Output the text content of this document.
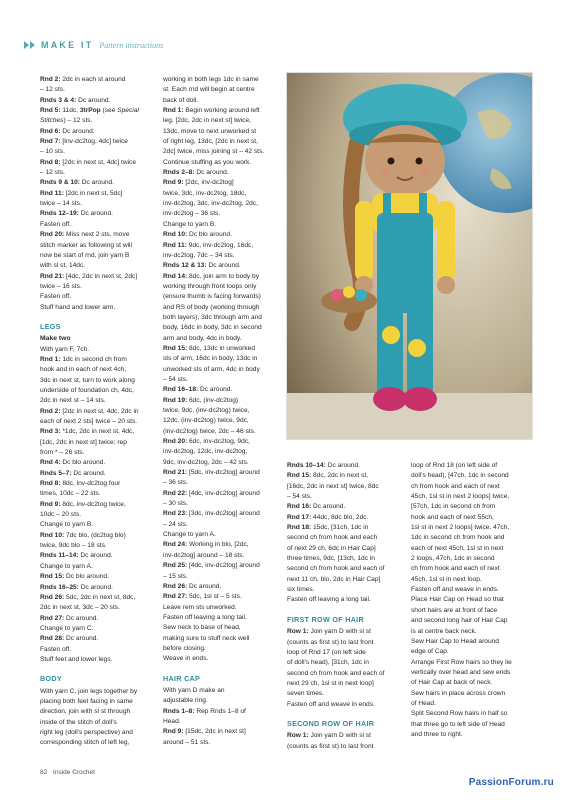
MAKE IT Pattern instructions

Rnd 2: 2dc in each st around

– 12 sts.

Rnds 3 & 4: Dc around.

Rnd 5: 11dc, 3trPop (see Special

Stitches) – 12 sts.

Rnd 6: Dc around.

Rnd 7: [Inv-dc2tog, 4dc] twice

– 10 sts.

Rnd 8: [2dc in next st, 4dc] twice

– 12 sts.

Rnds 9 & 10: Dc around.

Rnd 11: [2dc in next st, 5dc]

twice – 14 sts.

Rnds 12–19: Dc around.

Fasten off.

Rnd 20: Miss next 2 sts, move

stitch marker as following st will

now be start of rnd, join yarn B

with sl st, 14dc.

Rnd 21: [4dc, 2dc in next st, 2dc]

twice – 16 sts.

Fasten off.

Stuff hand and lower arm.

LEGS

Make two

With yarn F, 7ch.

Rnd 1: 1dc in second ch from

hook and in each of next 4ch,

3dc in next st, turn to work along

underside of foundation ch, 4dc,

2dc in next st – 14 sts.

Rnd 2: [2dc in next st, 4dc, 2dc in

each of next 2 sts] twice – 20 sts.

Rnd 3: *1dc, 2dc in next st, 4dc,

[1dc, 2dc in next st] twice; rep

from * – 26 sts.

Rnd 4: Dc blo around.

Rnds 5–7: Dc around.

Rnd 8: 8dc, inv-dc2tog four

times, 10dc – 22 sts.

Rnd 9: 8dc, inv-dc2tog twice,

10dc – 20 sts.

Change to yarn B.

Rnd 10: 7dc blo, (dc2tog blo)

twice, 9dc blo – 18 sts.

Rnds 11–14: Dc around.

Change to yarn A.

Rnd 15: Dc blo around.

Rnds 16–25: Dc around.

Rnd 26: 5dc, 2dc in next st, 8dc,

2dc in next st, 3dc – 20 sts.

Rnd 27: Dc around.

Change to yarn C.

Rnd 28: Dc around.

Fasten off.

Stuff feet and lower legs.

BODY

With yarn C, join legs together by

placing both feet facing in same

direction, join with sl st through

inside of the stitch of doll's

right leg (doll's perspective) and

corresponding stitch of left leg,

working in both legs 1dc in same

st. Each rnd will begin at centre

back of doll.

Rnd 1: Begin working around left

leg, [2dc, 2dc in next st] twice,

13dc, move to next unworked st

of right leg, 13dc, [2dc in next st,

2dc] twice, miss joining st – 42 sts.

Continue stuffing as you work.

Rnds 2–8: Dc around.

Rnd 9: [2dc, inv-dc2tog]

twice, 3dc, inv-dc2tog, 18dc,

inv-dc2tog, 3dc, inv-dc2tog, 2dc,

inv-dc2tog – 36 sts.

Change to yarn B.

Rnd 10: Dc blo around.

Rnd 11: 9dc, inv-dc2tog, 16dc,

inv-dc2tog, 7dc – 34 sts.

Rnds 12 & 13: Dc around.

Rnd 14: 8dc, join arm to body by

working through front loops only

(ensure thumb is facing forwards)

and RS of body (working through

both layers), 3dc through arm and

body, 16dc in body, 3dc in second

arm and body, 4dc in body.

Rnd 15: 8dc, 13dc in unworked

sts of arm, 16dc in body, 13dc in

unworked sts of arm, 4dc in body

– 54 sts.

Rnd 16–18: Dc around.

Rnd 19: 6dc, (inv-dc2tog)

twice, 9dc, (inv-dc2tog) twice,

12dc, (inv-dc2tog) twice, 9dc,

(inv-dc2tog) twice, 2dc – 46 sts.

Rnd 20: 6dc, inv-dc2tog, 9dc,

inv-dc2tog, 12dc, inv-dc2tog,

9dc, inv-dc2tog, 2dc – 42 sts.

Rnd 21: [5dc, inv-dc2tog] around

– 36 sts.

Rnd 22: [4dc, inv-dc2tog] around

– 30 sts.

Rnd 23: [3dc, inv-dc2tog] around

– 24 sts.

Change to yarn A.

Rnd 24: Working in blo, [2dc,

inv-dc2tog] around – 18 sts.

Rnd 25: [4dc, inv-dc2tog] around

– 15 sts.

Rnd 26: Dc around.

Rnd 27: 5dc, 1sl st – 5 sts.

Leave rem sts unworked.

Fasten off leaving a long tail.

Sew neck to base of head,

making sure to stuff neck well

before closing.

Weave in ends.

HAIR CAP

With yarn D make an

adjustable ring.

Rnds 1–8: Rep Rnds 1–8 of

Head.

Rnd 9: [15dc, 2dc in next st]

around – 51 sts.

Rnds 10–14: Dc around.

Rnd 15: 8dc, 2dc in next st,

[16dc, 2dc in next st] twice, 8dc

– 54 sts.

Rnd 16: Dc around.

Rnd 17: 44dc, 8dc blo, 2dc.

Rnd 18: 15dc, [31ch, 1dc in

second ch from hook and each

of next 29 ch, 6dc in Hair Cap]

three times, 9dc, [13ch, 1dc in

second ch from hook and each of

next 11 ch, blo, 2dc in Hair Cap]

six times.

Fasten off leaving a long tail.

FIRST ROW OF HAIR

Row 1: Join yarn D with sl st

(counts as first st) to last front

loop of Rnd 17 (on left side

of doll's head), [31ch, 1dc in

second ch from hook and each of

next 29 ch, 1sl st in next loop]

seven times.

Fasten off and weave in ends.

SECOND ROW OF HAIR

Row 1: Join yarn D with sl st

(counts as first st) to last front

loop of Rnd 18 (on left side of

doll's head), [47ch, 1dc in second

ch from hook and each of next

45ch, 1sl st in next 2 loops] twice,

[57ch, 1dc in second ch from

hook and each of next 55ch,

1sl st in next 2 loops] twice, 47ch,

1dc in second ch from hook and

each of next 45ch, 1sl st in next

2 loops, 47ch, 1dc in second

ch from hook and each of next

45ch, 1sl st in next loop.

Fasten off and weave in ends.

Place Hair Cap on Head so that

short hairs are at front of face

and second long hair of Hair Cap

is at centre back neck.

Sew Hair Cap to Head around

edge of Cap.

Arrange First Row hairs so they lie

vertically over head and sew ends

of Hair Cap at back of neck.

Sew hairs in place across crown

of Head.

Split Second Row hairs in half so

that three go to left side of Head

and three to right.

82 Inside Crochet
PassionForum.ru
